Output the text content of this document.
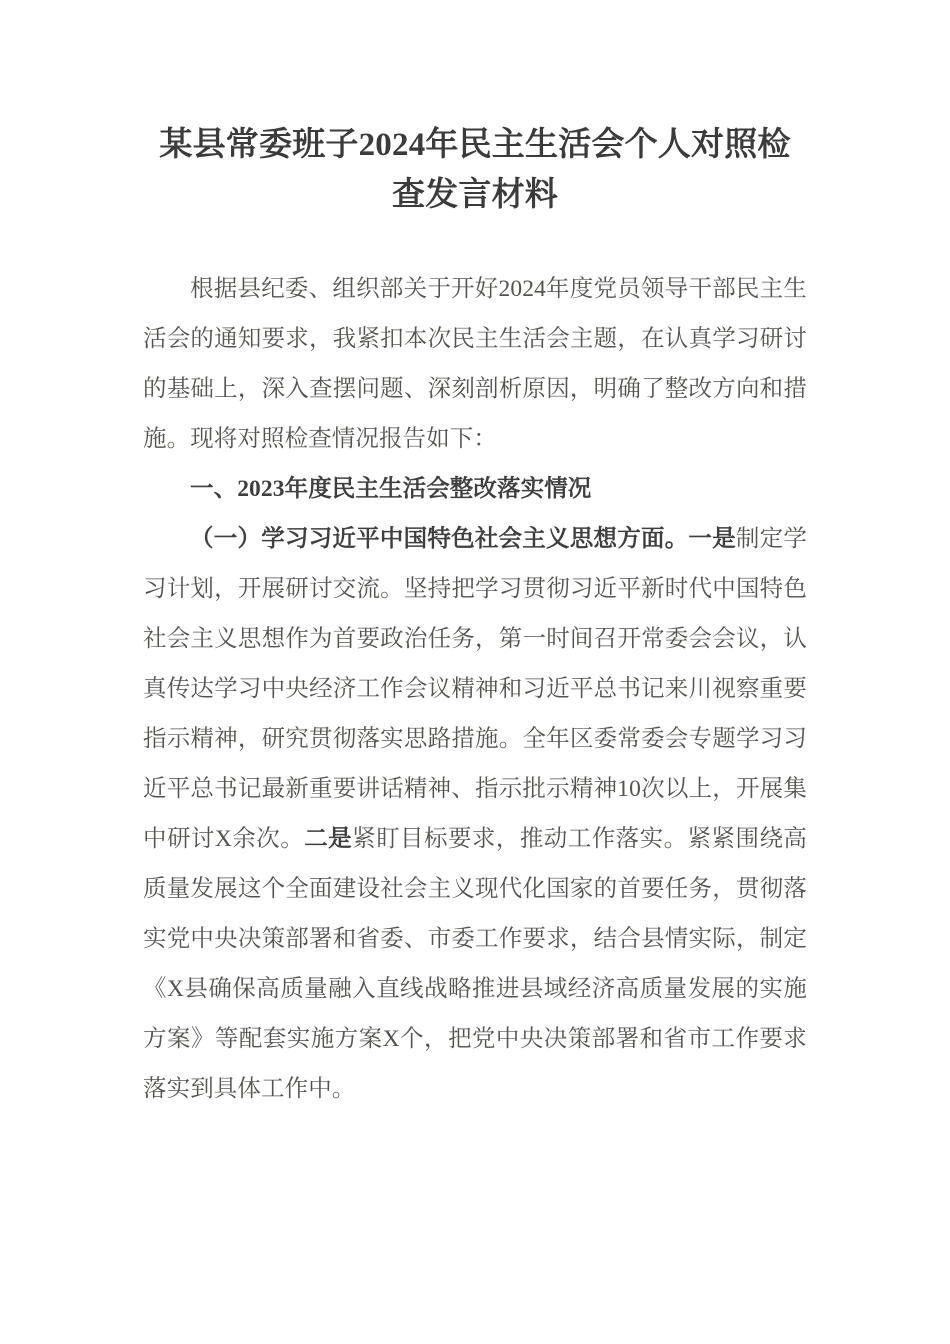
某县常委班子2024年民主生活会个人对照检查发言材料

根据县纪委、组织部关于开好2024年度党员领导干部民主生活会的通知要求，我紧扣本次民主生活会主题，在认真学习研讨的基础上，深入查摆问题、深刻剖析原因，明确了整改方向和措施。现将对照检查情况报告如下：

一、2023年度民主生活会整改落实情况

（一）学习习近平中国特色社会主义思想方面。一是制定学习计划，开展研讨交流。坚持把学习贯彻习近平新时代中国特色社会主义思想作为首要政治任务，第一时间召开常委会会议，认真传达学习中央经济工作会议精神和习近平总书记来川视察重要指示精神，研究贯彻落实思路措施。全年区委常委会专题学习习近平总书记最新重要讲话精神、指示批示精神10次以上，开展集中研讨X余次。二是紧盯目标要求，推动工作落实。紧紧围绕高质量发展这个全面建设社会主义现代化国家的首要任务，贯彻落实党中央决策部署和省委、市委工作要求，结合县情实际，制定《X县确保高质量融入直线战略推进县域经济高质量发展的实施方案》等配套实施方案X个，把党中央决策部署和省市工作要求落实到具体工作中。
